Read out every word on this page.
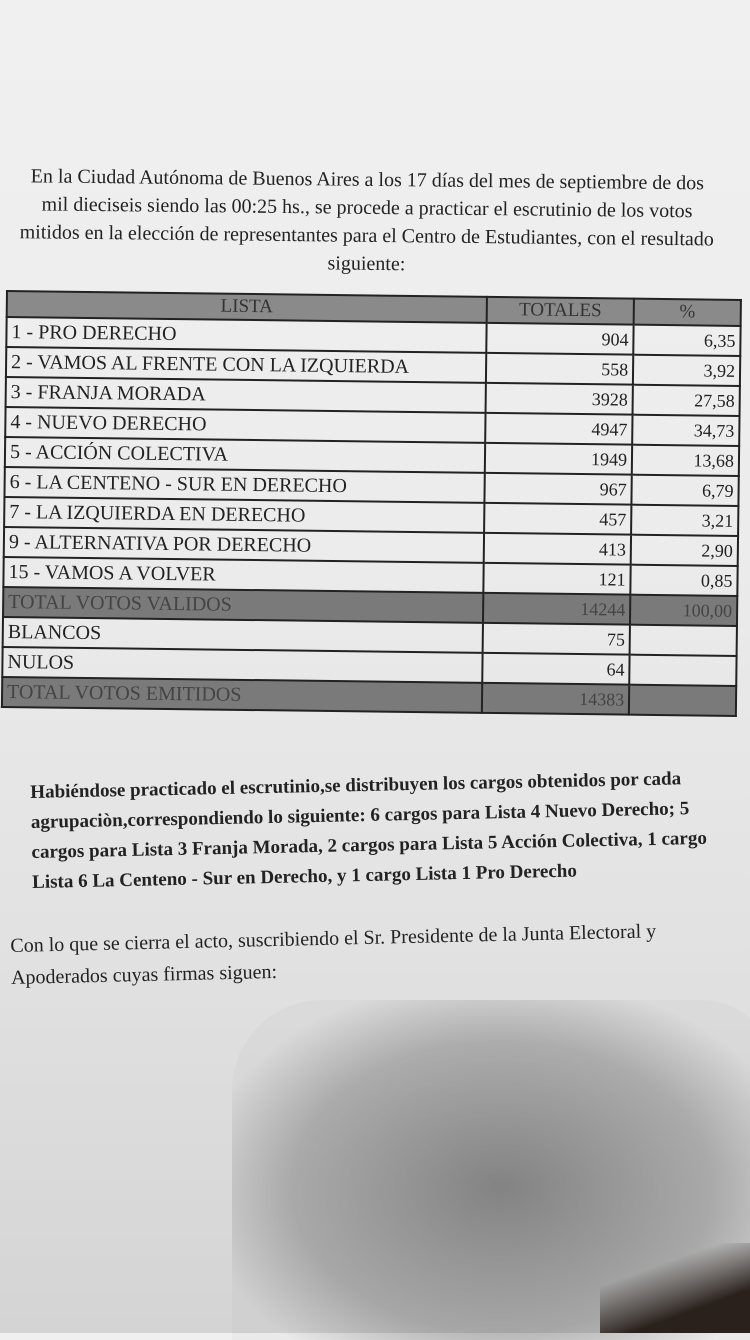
En la Ciudad Autónoma de Buenos Aires a los 17 días del mes de septiembre de dos

mil dieciseis siendo las 00:25 hs., se procede a practicar el escrutinio de los votos

mitidos en la elección de representantes para el Centro de Estudiantes, con el resultado

siguiente:

LISTA	TOTALES	%
1 - PRO DERECHO	904	6,35
2 - VAMOS AL FRENTE CON LA IZQUIERDA	558	3,92
3 - FRANJA MORADA	3928	27,58
4 - NUEVO DERECHO	4947	34,73
5 - ACCIÓN COLECTIVA	1949	13,68
6 - LA CENTENO - SUR EN DERECHO	967	6,79
7 - LA IZQUIERDA EN DERECHO	457	3,21
9 - ALTERNATIVA POR DERECHO	413	2,90
15 - VAMOS A VOLVER	121	0,85
TOTAL VOTOS VALIDOS	14244	100,00
BLANCOS	75	
NULOS	64	
TOTAL VOTOS EMITIDOS	14383	
Habiéndose practicado el escrutinio,se distribuyen los cargos obtenidos por cada agrupaciòn,correspondiendo lo siguiente: 6 cargos para Lista 4 Nuevo Derecho; 5 cargos para Lista 3 Franja Morada, 2 cargos para Lista 5 Acción Colectiva, 1 cargo Lista 6 La Centeno - Sur en Derecho, y 1 cargo Lista 1 Pro Derecho
Con lo que se cierra el acto, suscribiendo el Sr. Presidente de la Junta Electoral y Apoderados cuyas firmas siguen:
